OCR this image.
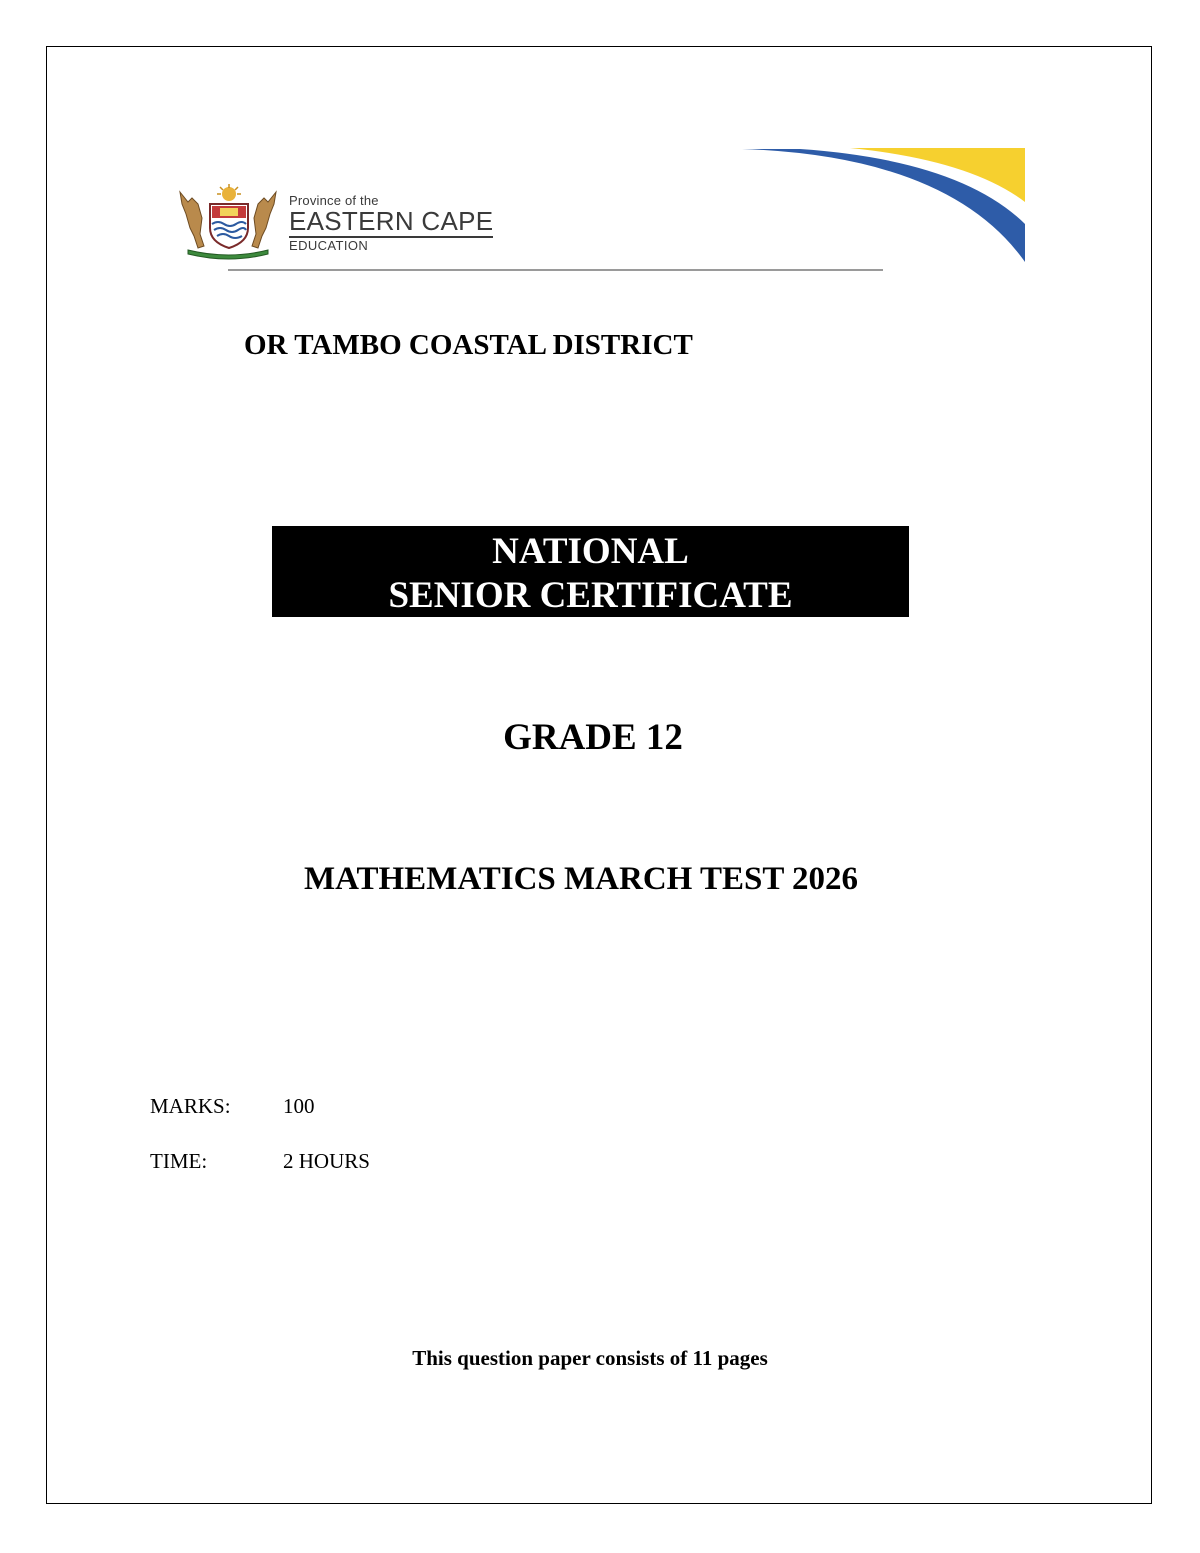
Province of the
EASTERN CAPE
EDUCATION
OR TAMBO COASTAL DISTRICT
NATIONAL
SENIOR CERTIFICATE
GRADE 12
MATHEMATICS MARCH TEST 2026
MARKS: 100
TIME:	2 HOURS
This question paper consists of 11 pages
